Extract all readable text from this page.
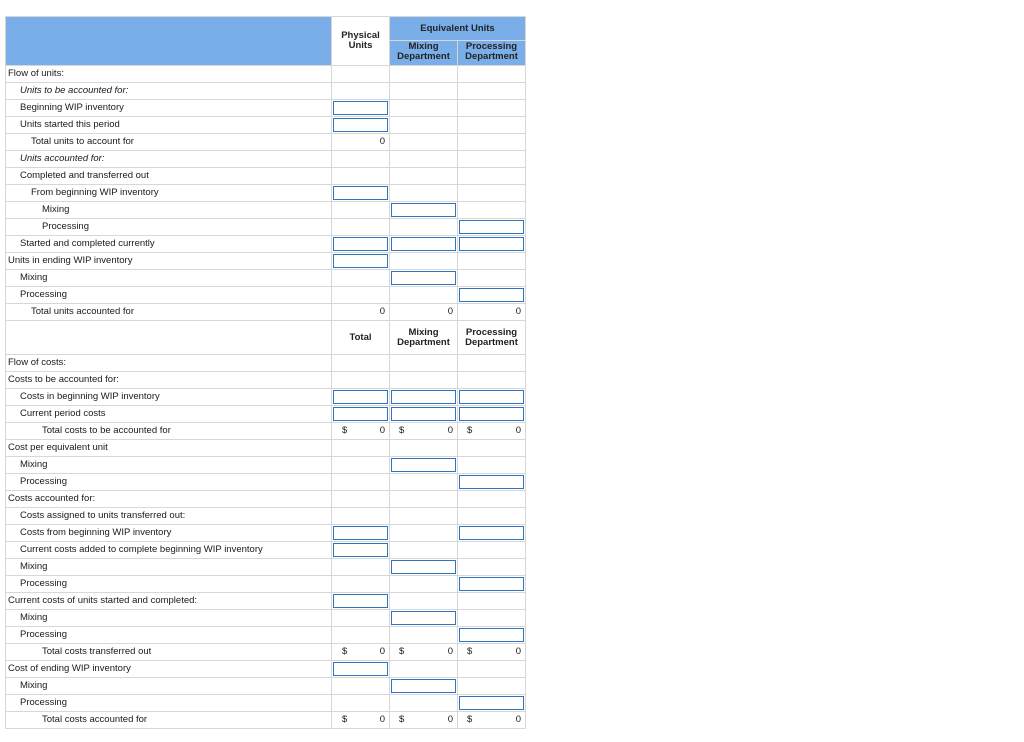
Physical
Units
Equivalent Units
Mixing
Department
Processing
Department
Flow of units:
Units to be accounted for:
Beginning WIP inventory
Units started this period
Total units to account for	0
Units accounted for:
Completed and transferred out
From beginning WIP inventory
Mixing
Processing
Started and completed currently
Units in ending WIP inventory
Mixing
Processing
Total units accounted for	0	0	0
Total	Mixing
Department
Processing
Department
Flow of costs:
Costs to be accounted for:
Costs in beginning WIP inventory
Current period costs
Total costs to be accounted for	$	0 $	0 $	0
Cost per equivalent unit
Mixing
Processing
Costs accounted for:
Costs assigned to units transferred out:
Costs from beginning WIP inventory
Current costs added to complete beginning WIP inventory
Mixing
Processing
Current costs of units started and completed:
Mixing
Processing
Total costs transferred out	$	0 $	0 $	0
Cost of ending WIP inventory
Mixing
Processing
Total costs accounted for	$	0 $	0 $	0
